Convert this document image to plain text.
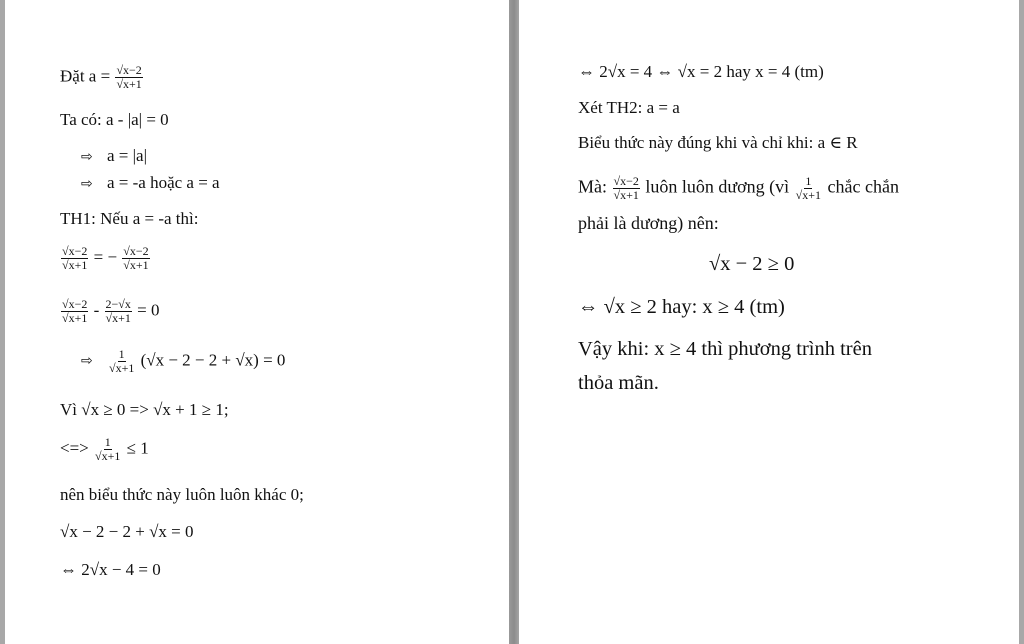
Đặt $a = \frac{√x-2}{√x+1}$
Ta có: a - |a| = 0
⇨ a = |a|
⇨ a = -a hoặc a = a
TH1: Nếu a = -a thì:
$\frac{√x-2}{√x+1}$ = − $\frac{√x-2}{√x+1}$
$\frac{√x-2}{√x+1} - \frac{2-√x}{√x+1} = 0$
⇨ $\frac{1}{√x+1} (√x - 2 - 2 + √x) = 0$
Vì √x ≥ 0 => √x + 1 ≥ 1;
<=> $\frac{1}{√x+1} \le 1$
nên biểu thức này luôn luôn khác 0;
√x − 2 − 2 + √x = 0
⇔ 2√x − 4 = 0
⇔ 2√x = 4 ⇔ √x = 2 hay x = 4 (tm)
Xét TH2: a = a
Biểu thức này đúng khi và chỉ khi: a ∈ R
Mà: $\frac{√x-2}{√x+1}$ luôn luôn dương (vì $\frac{1}{√x+1}$ chắc chắn
phải là dương) nên:
√x − 2 ≥ 0
⇔ √x ≥ 2 hay: x ≥ 4 (tm)
Vậy khi: x ≥ 4 thì phương trình trên
thỏa mãn.
